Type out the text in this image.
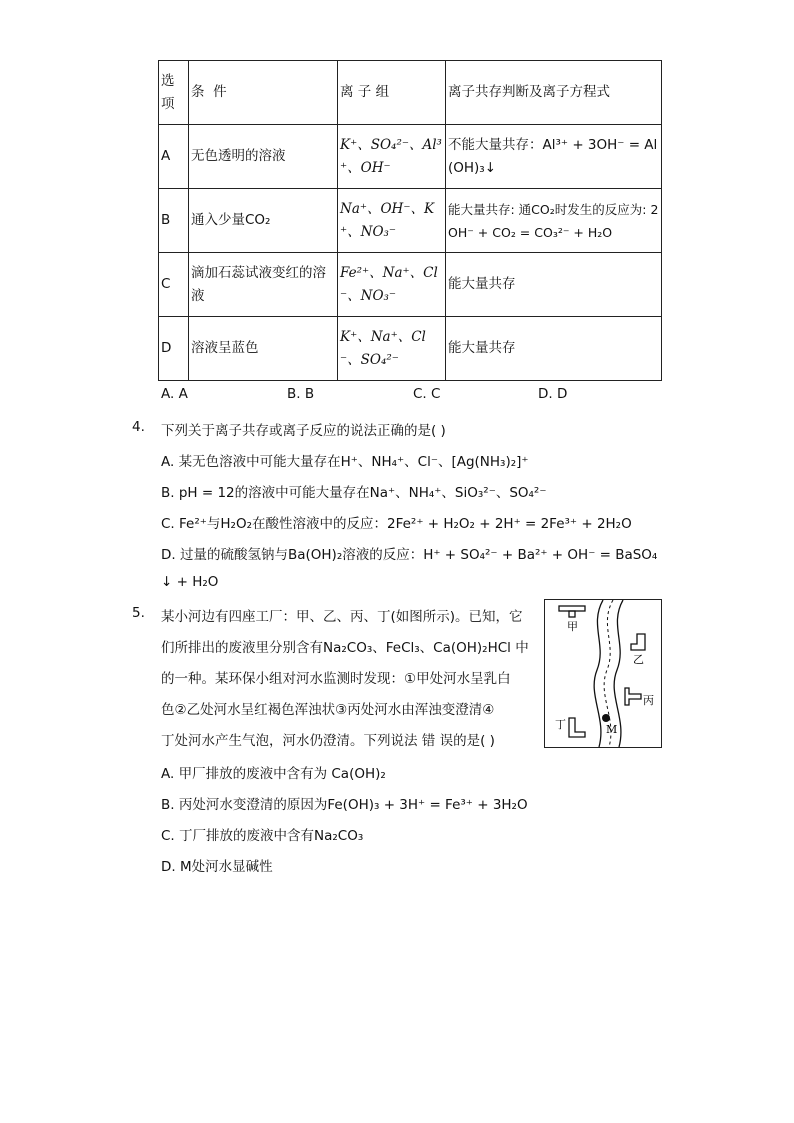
选
项	条  件	离 子 组	离子共存判断及离子方程式
A	无色透明的溶液	K⁺、SO₄²⁻、Al³⁺、OH⁻	不能大量共存：Al³⁺ + 3OH⁻ = Al(OH)₃↓
B	通入少量CO₂	Na⁺、OH⁻、K⁺、NO₃⁻	能大量共存: 通CO₂时发生的反应为: 2OH⁻ + CO₂ = CO₃²⁻ + H₂O
C	滴加石蕊试液变红的溶液	Fe²⁺、Na⁺、Cl⁻、NO₃⁻	能大量共存
D	溶液呈蓝色	K⁺、Na⁺、Cl⁻、SO₄²⁻	能大量共存
A. A	B. B	C. C	D. D
4. 下列关于离子共存或离子反应的说法正确的是( )
A. 某无色溶液中可能大量存在H⁺、NH₄⁺、Cl⁻、[Ag(NH₃)₂]⁺
B. pH = 12的溶液中可能大量存在Na⁺、NH₄⁺、SiO₃²⁻、SO₄²⁻
C. Fe²⁺与H₂O₂在酸性溶液中的反应：2Fe²⁺ + H₂O₂ + 2H⁺ = 2Fe³⁺ + 2H₂O
D. 过量的硫酸氢钠与Ba(OH)₂溶液的反应：H⁺ + SO₄²⁻ + Ba²⁺ + OH⁻ = BaSO₄
↓ + H₂O
5. 某小河边有四座工厂：甲、乙、丙、丁(如图所示)。已知，它
们所排出的废液里分别含有Na₂CO₃、FeCl₃、Ca(OH)₂HCl 中
的一种。某环保小组对河水监测时发现：①甲处河水呈乳白
色②乙处河水呈红褐色浑浊状③丙处河水由浑浊变澄清④
丁处河水产生气泡，河水仍澄清。下列说法 错 误的是( )
A. 甲厂排放的废液中含有为 Ca(OH)₂
B. 丙处河水变澄清的原因为Fe(OH)₃ + 3H⁺ = Fe³⁺ + 3H₂O
C. 丁厂排放的废液中含有Na₂CO₃
D. M处河水显碱性
甲
乙
丙
丁	M
